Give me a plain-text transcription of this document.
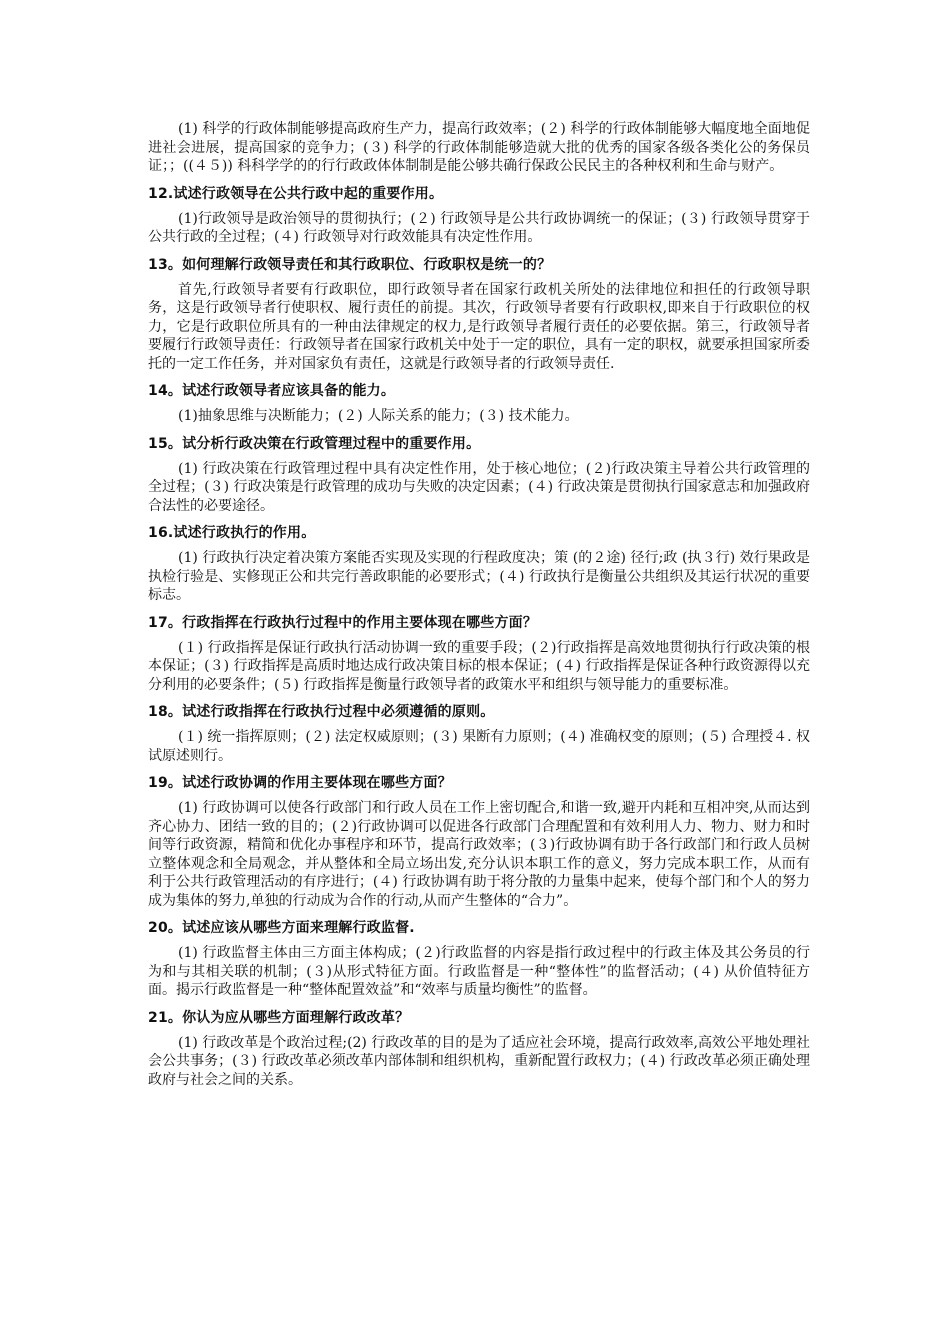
(1) 科学的行政体制能够提高政府生产力，提高行政效率；(２) 科学的行政体制能够大幅度地全面地促进社会进展，提高国家的竞争力；(３) 科学的行政体制能够造就大批的优秀的国家各级各类化公的务保员证；；((４５)) 科科学学的的行行政政体体制制是能公够共确行保政公民民主的各种权利和生命与财产。

12.试述行政领导在公共行政中起的重要作用。

(1)行政领导是政治领导的贯彻执行；(２) 行政领导是公共行政协调统一的保证；(３) 行政领导贯穿于公共行政的全过程；(４) 行政领导对行政效能具有决定性作用。

13。如何理解行政领导责任和其行政职位、行政职权是统一的？

首先,行政领导者要有行政职位，即行政领导者在国家行政机关所处的法律地位和担任的行政领导职务，这是行政领导者行使职权、履行责任的前提。其次，行政领导者要有行政职权,即来自于行政职位的权力，它是行政职位所具有的一种由法律规定的权力,是行政领导者履行责任的必要依据。第三，行政领导者要履行行政领导责任：行政领导者在国家行政机关中处于一定的职位，具有一定的职权，就要承担国家所委托的一定工作任务，并对国家负有责任，这就是行政领导者的行政领导责任.

14。试述行政领导者应该具备的能力。

(1)抽象思维与决断能力；(２) 人际关系的能力；(３) 技术能力。

15。试分析行政决策在行政管理过程中的重要作用。

(1) 行政决策在行政管理过程中具有决定性作用，处于核心地位；(２)行政决策主导着公共行政管理的全过程；(３) 行政决策是行政管理的成功与失败的决定因素；(４) 行政决策是贯彻执行国家意志和加强政府合法性的必要途径。

16.试述行政执行的作用。

(1) 行政执行决定着决策方案能否实现及实现的行程政度决；策 (的２途) 径行;政 (执３行) 效行果政是执检行验是、实修现正公和共完行善政职能的必要形式；(４) 行政执行是衡量公共组织及其运行状况的重要标志。

17。行政指挥在行政执行过程中的作用主要体现在哪些方面？

(１) 行政指挥是保证行政执行活动协调一致的重要手段；(２)行政指挥是高效地贯彻执行行政决策的根本保证；(３) 行政指挥是高质时地达成行政决策目标的根本保证；(４) 行政指挥是保证各种行政资源得以充分利用的必要条件；(５) 行政指挥是衡量行政领导者的政策水平和组织与领导能力的重要标准。

18。试述行政指挥在行政执行过程中必须遵循的原则。

(１) 统一指挥原则；(２) 法定权威原则；(３) 果断有力原则；(４) 准确权变的原则；(５) 合理授４. 权试原述则行。

19。试述行政协调的作用主要体现在哪些方面？

(1) 行政协调可以使各行政部门和行政人员在工作上密切配合,和谐一致,避开内耗和互相冲突,从而达到齐心协力、团结一致的目的；(２)行政协调可以促进各行政部门合理配置和有效利用人力、物力、财力和时间等行政资源，精简和优化办事程序和环节，提高行政效率；(３)行政协调有助于各行政部门和行政人员树立整体观念和全局观念，并从整体和全局立场出发,充分认识本职工作的意义，努力完成本职工作，从而有利于公共行政管理活动的有序进行；(４) 行政协调有助于将分散的力量集中起来，使每个部门和个人的努力成为集体的努力,单独的行动成为合作的行动,从而产生整体的“合力”。

20。试述应该从哪些方面来理解行政监督.

(1) 行政监督主体由三方面主体构成；(２)行政监督的内容是指行政过程中的行政主体及其公务员的行为和与其相关联的机制；(３)从形式特征方面。行政监督是一种“整体性”的监督活动；(４) 从价值特征方面。揭示行政监督是一种“整体配置效益”和“效率与质量均衡性”的监督。

21。你认为应从哪些方面理解行政改革？

(1) 行政改革是个政治过程;(2) 行政改革的目的是为了适应社会环境，提高行政效率,高效公平地处理社会公共事务；(３) 行政改革必须改革内部体制和组织机构，重新配置行政权力；(４) 行政改革必须正确处理政府与社会之间的关系。
